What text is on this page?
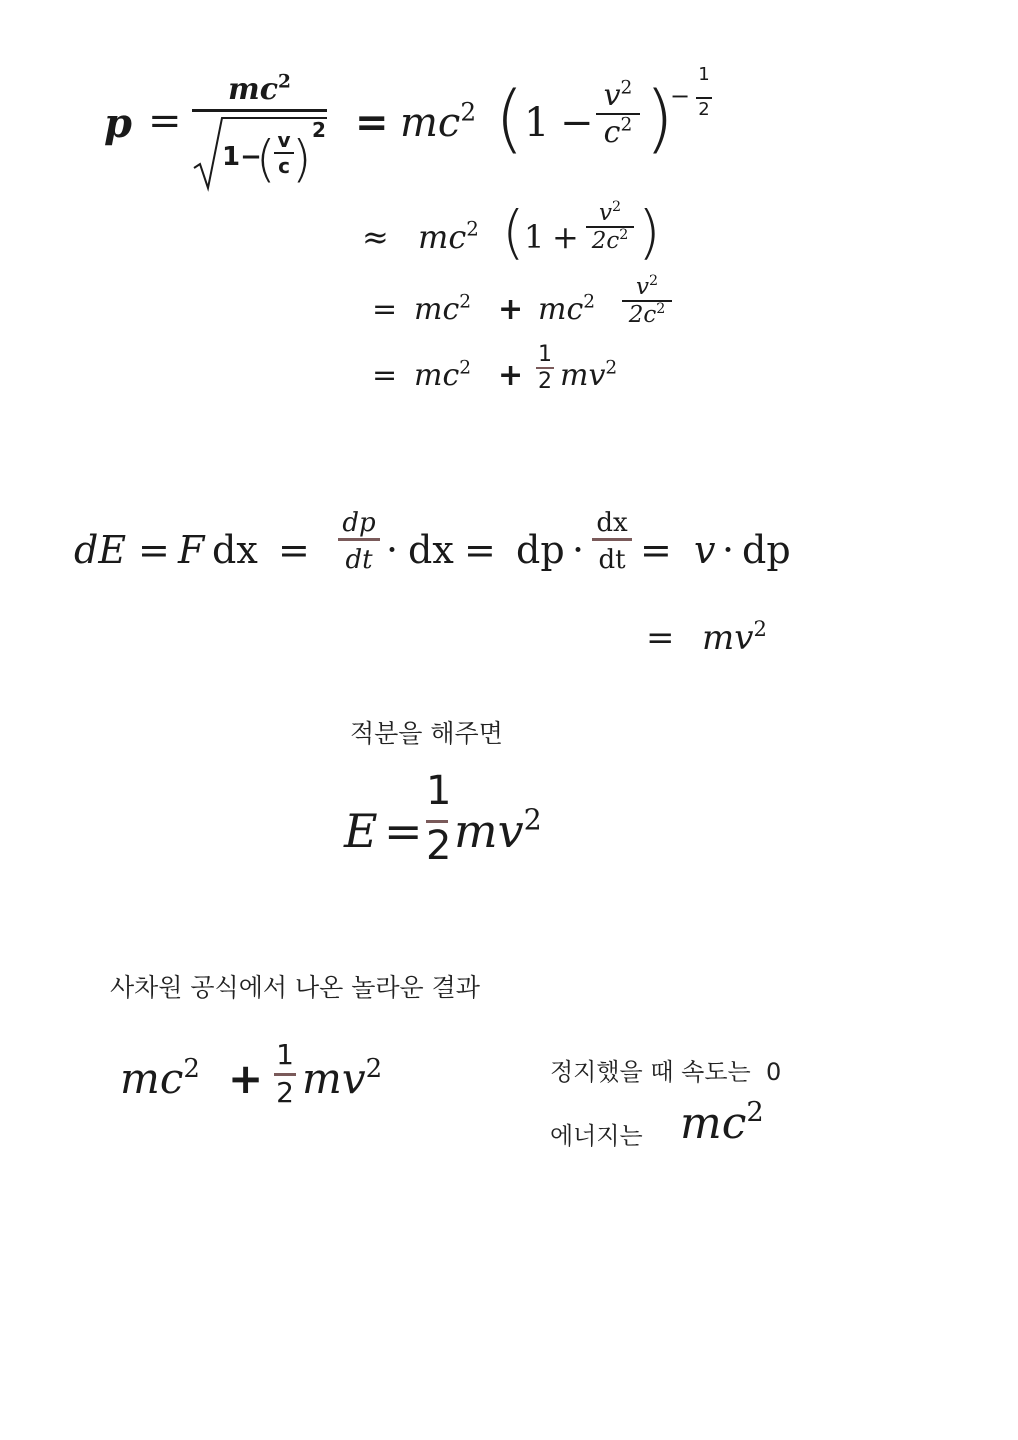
p =
$mc^2$
1−
( v
c ) $2 = mc^2$ ( 1 −
$v^2$
$c^2$ )
−
1
2
≈ $mc^2$ ( 1 +
$v^2$
$2c^2$ )
= $mc^2 + mc^2$
$v^2$
$2c^2$
= $mc^2$ +
1
2 $mv^2$
dE = F dx =
dp
dt · dx = dp ·
dx
dt = v · dp
= $mv^2$
적분을 해주면
E =
1
2 $mv^2$
사차원 공식에서 나온 놀라운 결과
$mc^2 + 1$
2 $mv^2$	정지했을 때 속도는  0
에너지는 $mc^2$
